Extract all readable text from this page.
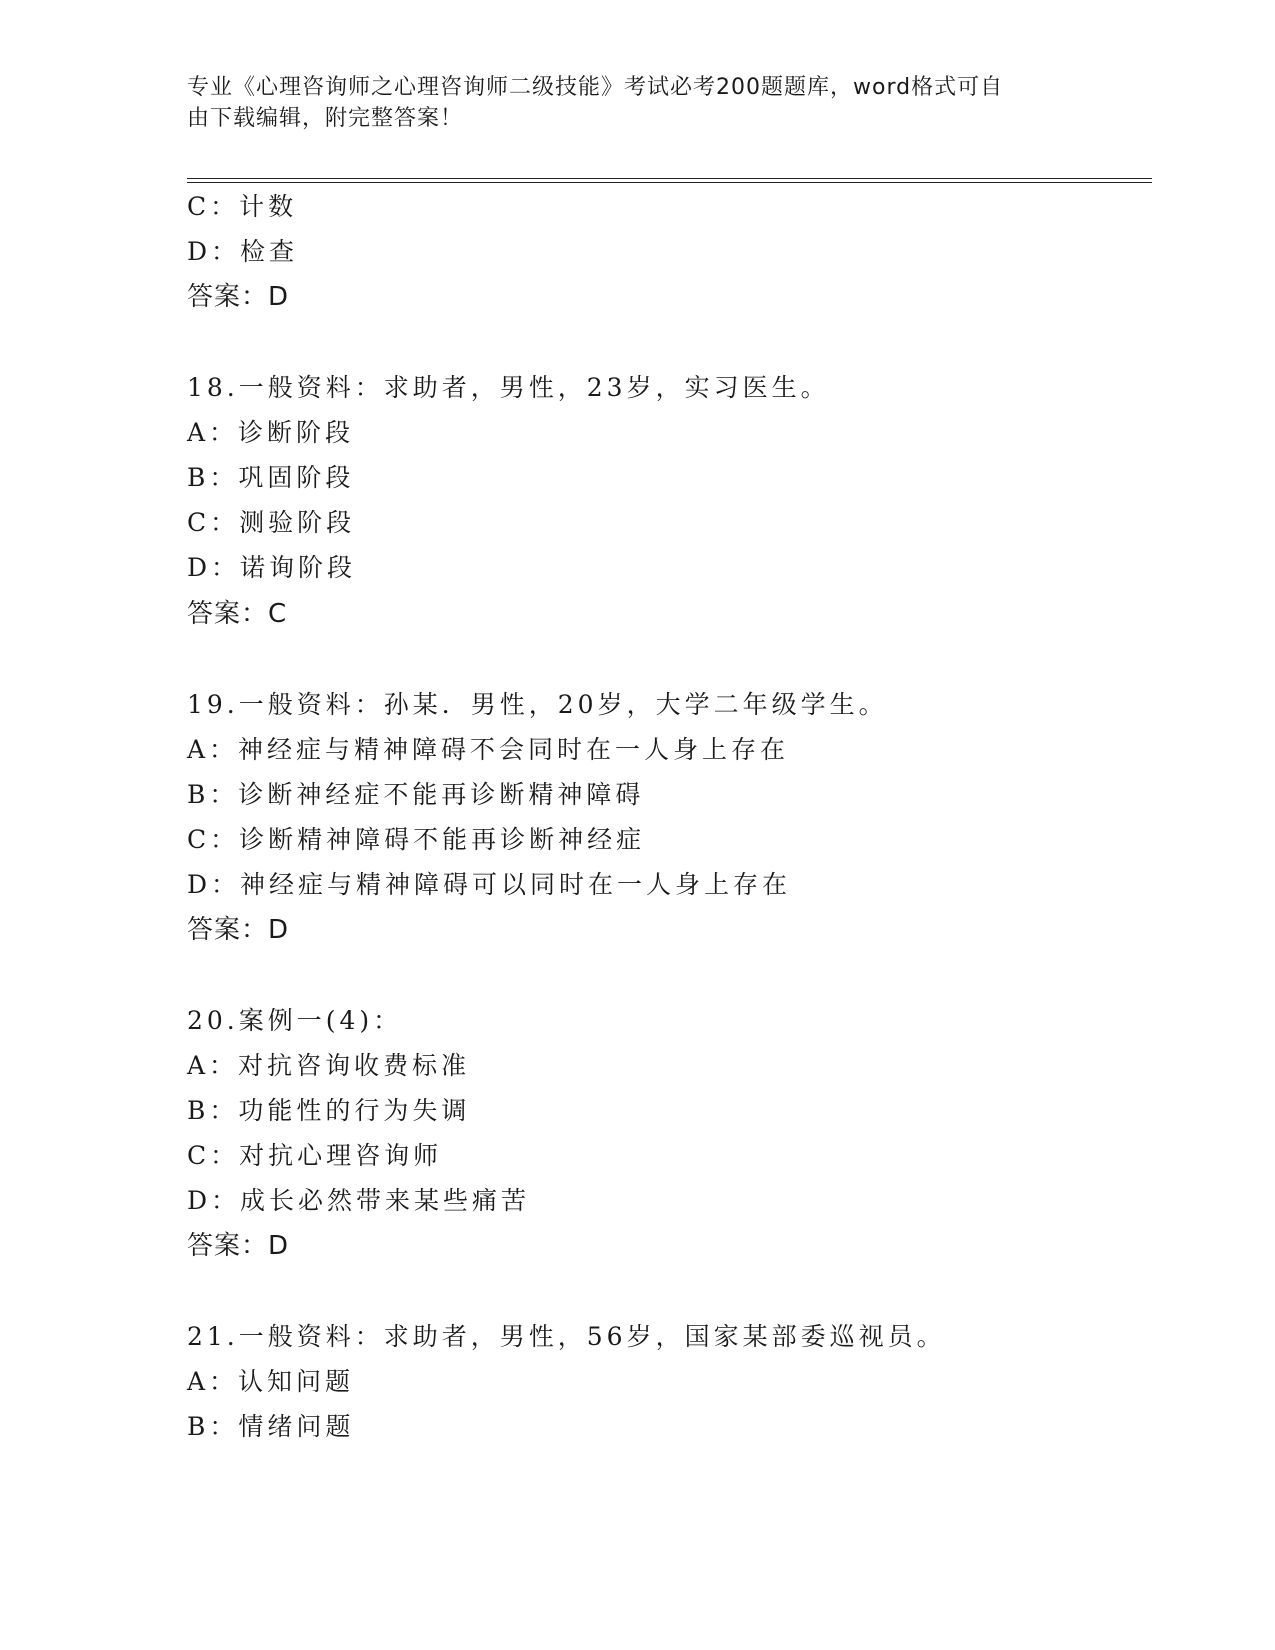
专业《心理咨询师之心理咨询师二级技能》考试必考200题题库，word格式可自
由下载编辑，附完整答案！
C：计数
D：检查
答案：D
18.一般资料：求助者，男性，23岁，实习医生。
A：诊断阶段
B：巩固阶段
C：测验阶段
D：诺询阶段
答案：C
19.一般资料：孙某．男性，20岁，大学二年级学生。
A：神经症与精神障碍不会同时在一人身上存在
B：诊断神经症不能再诊断精神障碍
C：诊断精神障碍不能再诊断神经症
D：神经症与精神障碍可以同时在一人身上存在
答案：D
20.案例一(4)：
A：对抗咨询收费标准
B：功能性的行为失调
C：对抗心理咨询师
D：成长必然带来某些痛苦
答案：D
21.一般资料：求助者，男性，56岁，国家某部委巡视员。
A：认知问题
B：情绪问题
